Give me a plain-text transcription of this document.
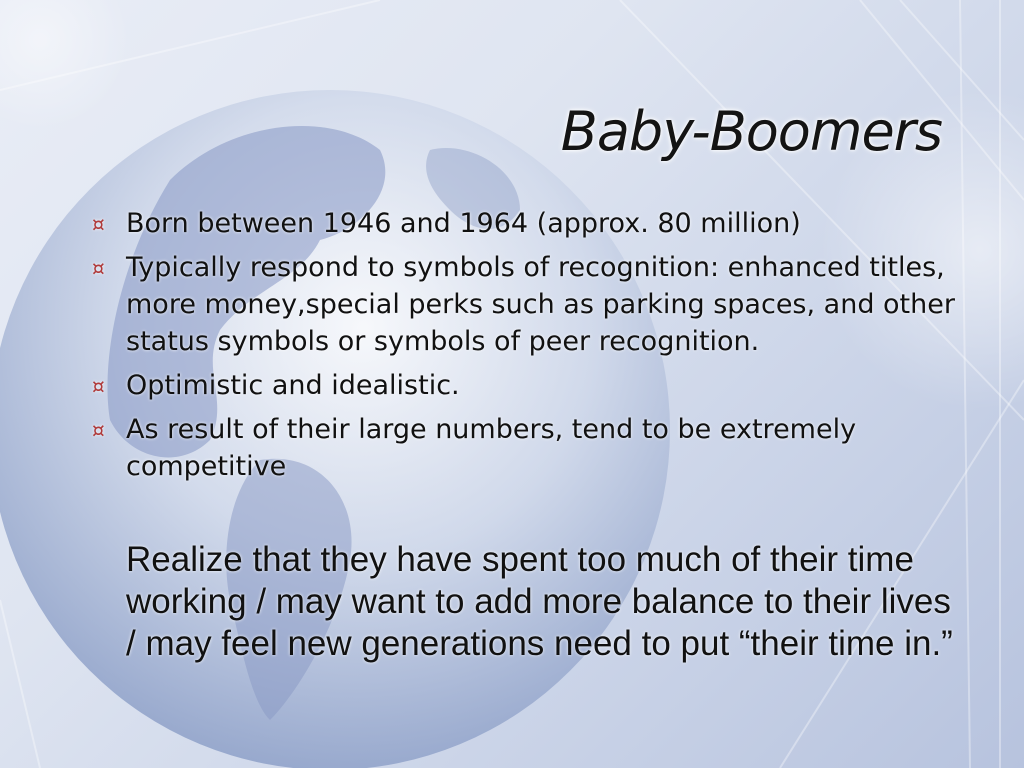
Baby-Boomers
¤ Born between 1946 and 1964 (approx. 80 million)
¤ Typically respond to symbols of recognition: enhanced titles, more money,special perks such as parking spaces, and other status symbols or symbols of peer recognition.
¤ Optimistic and idealistic.
¤ As result of their large numbers, tend to be extremely competitive

Realize that they have spent too much of their time working / may want to add more balance to their lives / may feel new generations need to put “their time in.”
